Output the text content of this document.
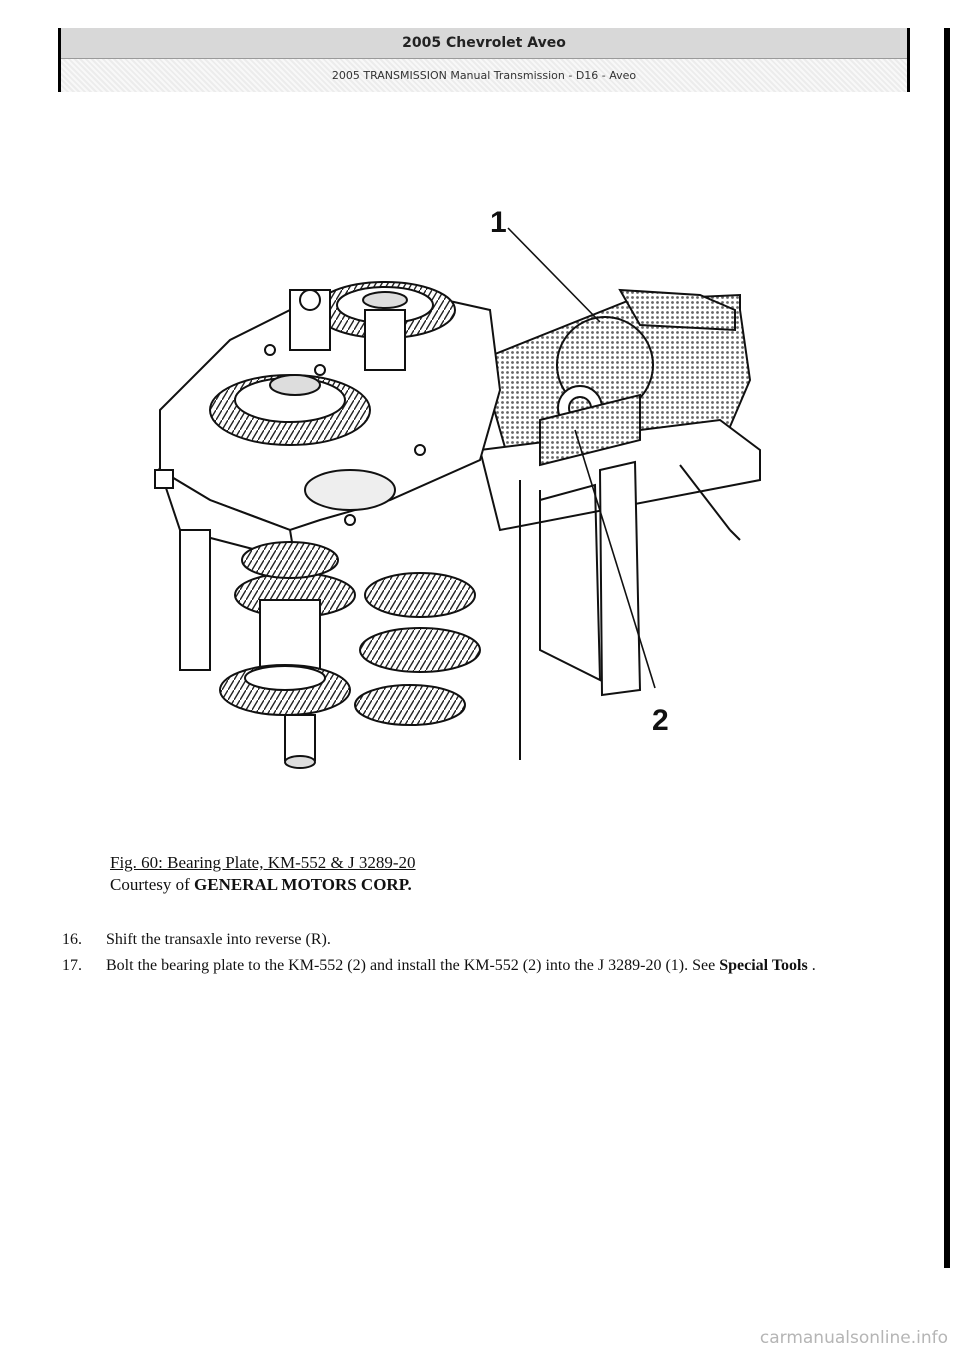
2005 Chevrolet Aveo
2005 TRANSMISSION Manual Transmission - D16 - Aveo
1
2
Fig. 60: Bearing Plate, KM-552 & J 3289-20
Courtesy of GENERAL MOTORS CORP.
16. Shift the transaxle into reverse (R).
17. Bolt the bearing plate to the KM-552 (2) and install the KM-552 (2) into the J 3289-20 (1). See Special Tools .
carmanualsonline.info
